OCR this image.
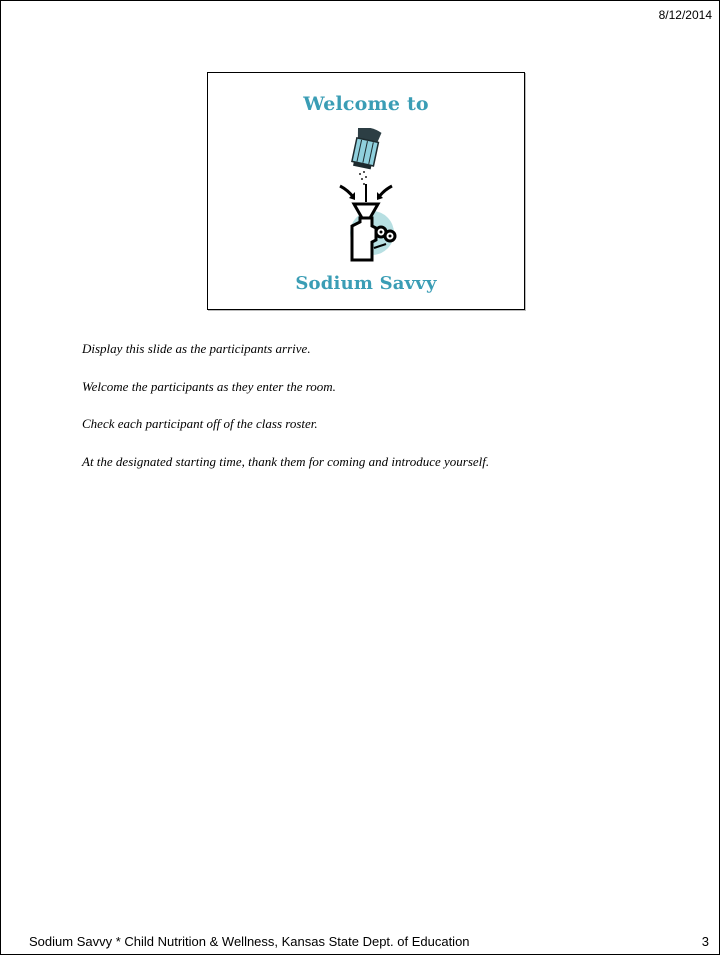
8/12/2014
Welcome to
Sodium Savvy

Display this slide as the participants arrive.

Welcome the participants as they enter the room.

Check each participant off of the class roster.

At the designated starting time, thank them for coming and introduce yourself.

Sodium Savvy * Child Nutrition & Wellness, Kansas State Dept. of Education	3
